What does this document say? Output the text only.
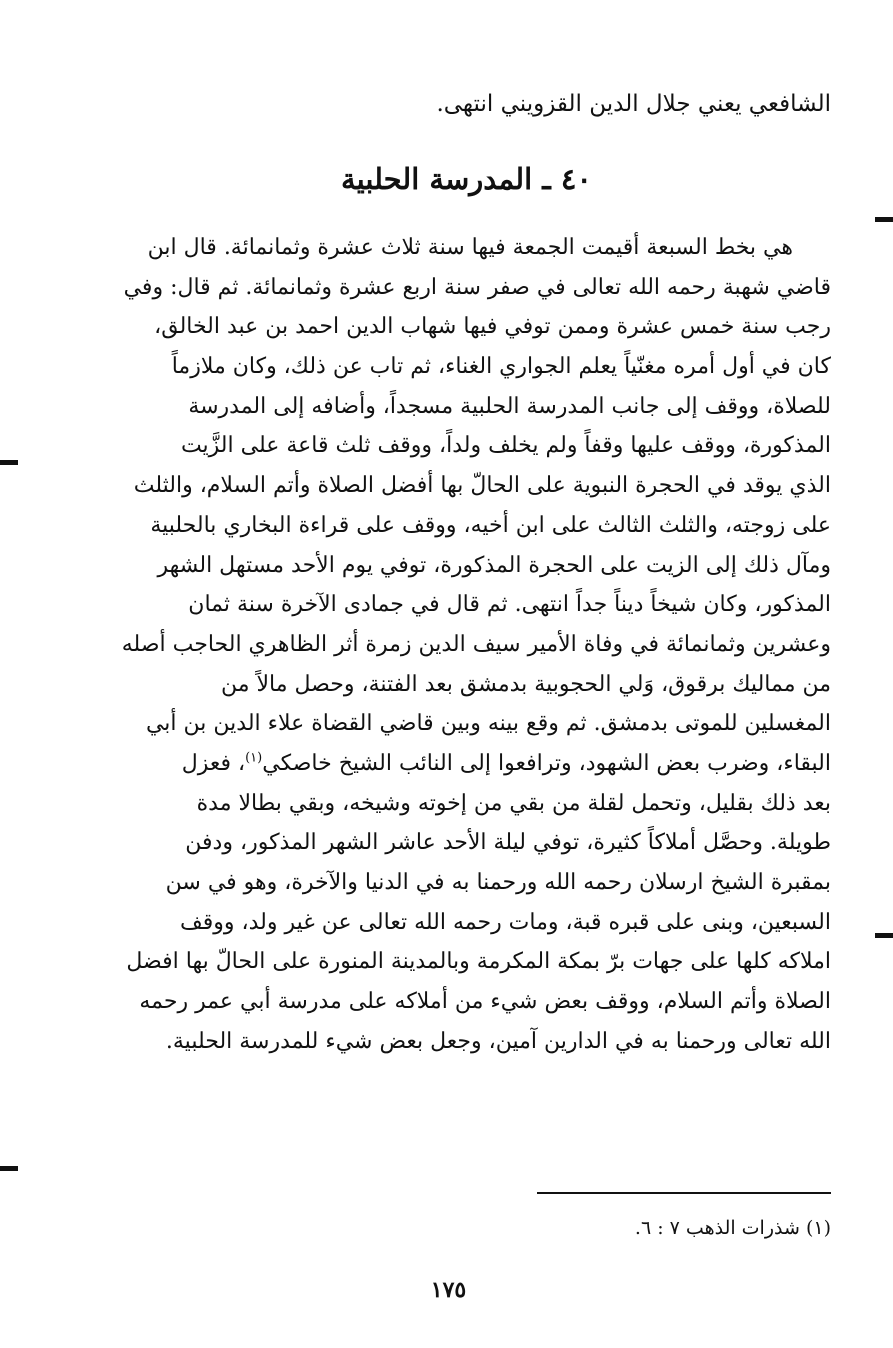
الشافعي يعني جلال الدين القزويني انتهى.
٤٠ ـ المدرسة الحلبية
هي بخط السبعة أقيمت الجمعة فيها سنة ثلاث عشرة وثمانمائة. قال ابن
قاضي شهبة رحمه الله تعالى في صفر سنة اربع عشرة وثمانمائة. ثم قال: وفي
رجب سنة خمس عشرة وممن توفي فيها شهاب الدين احمد بن عبد الخالق،
كان في أول أمره مغنّياً يعلم الجواري الغناء، ثم تاب عن ذلك، وكان ملازماً
للصلاة، ووقف إلى جانب المدرسة الحلبية مسجداً، وأضافه إلى المدرسة
المذكورة، ووقف عليها وقفاً ولم يخلف ولداً، ووقف ثلث قاعة على الزَّيت
الذي يوقد في الحجرة النبوية على الحالّ بها أفضل الصلاة وأتم السلام، والثلث
على زوجته، والثلث الثالث على ابن أخيه، ووقف على قراءة البخاري بالحلبية
ومآل ذلك إلى الزيت على الحجرة المذكورة، توفي يوم الأحد مستهل الشهر
المذكور، وكان شيخاً ديناً جداً انتهى. ثم قال في جمادى الآخرة سنة ثمان
وعشرين وثمانمائة في وفاة الأمير سيف الدين زمرة أثر الظاهري الحاجب أصله
من مماليك برقوق، وَلي الحجوبية بدمشق بعد الفتنة، وحصل مالاً من
المغسلين للموتى بدمشق. ثم وقع بينه وبين قاضي القضاة علاء الدين بن أبي
البقاء، وضرب بعض الشهود، وترافعوا إلى النائب الشيخ خاصكي$^{(١)}$، فعزل
بعد ذلك بقليل، وتحمل لقلة من بقي من إخوته وشيخه، وبقي بطالا مدة
طويلة. وحصَّل أملاكاً كثيرة، توفي ليلة الأحد عاشر الشهر المذكور، ودفن
بمقبرة الشيخ ارسلان رحمه الله ورحمنا به في الدنيا والآخرة، وهو في سن
السبعين، وبنى على قبره قبة، ومات رحمه الله تعالى عن غير ولد، ووقف
املاكه كلها على جهات برّ بمكة المكرمة وبالمدينة المنورة على الحالّ بها افضل
الصلاة وأتم السلام، ووقف بعض شيء من أملاكه على مدرسة أبي عمر رحمه
الله تعالى ورحمنا به في الدارين آمين، وجعل بعض شيء للمدرسة الحلبية.
(١) شذرات الذهب ٧ : ٦.
١٧٥
